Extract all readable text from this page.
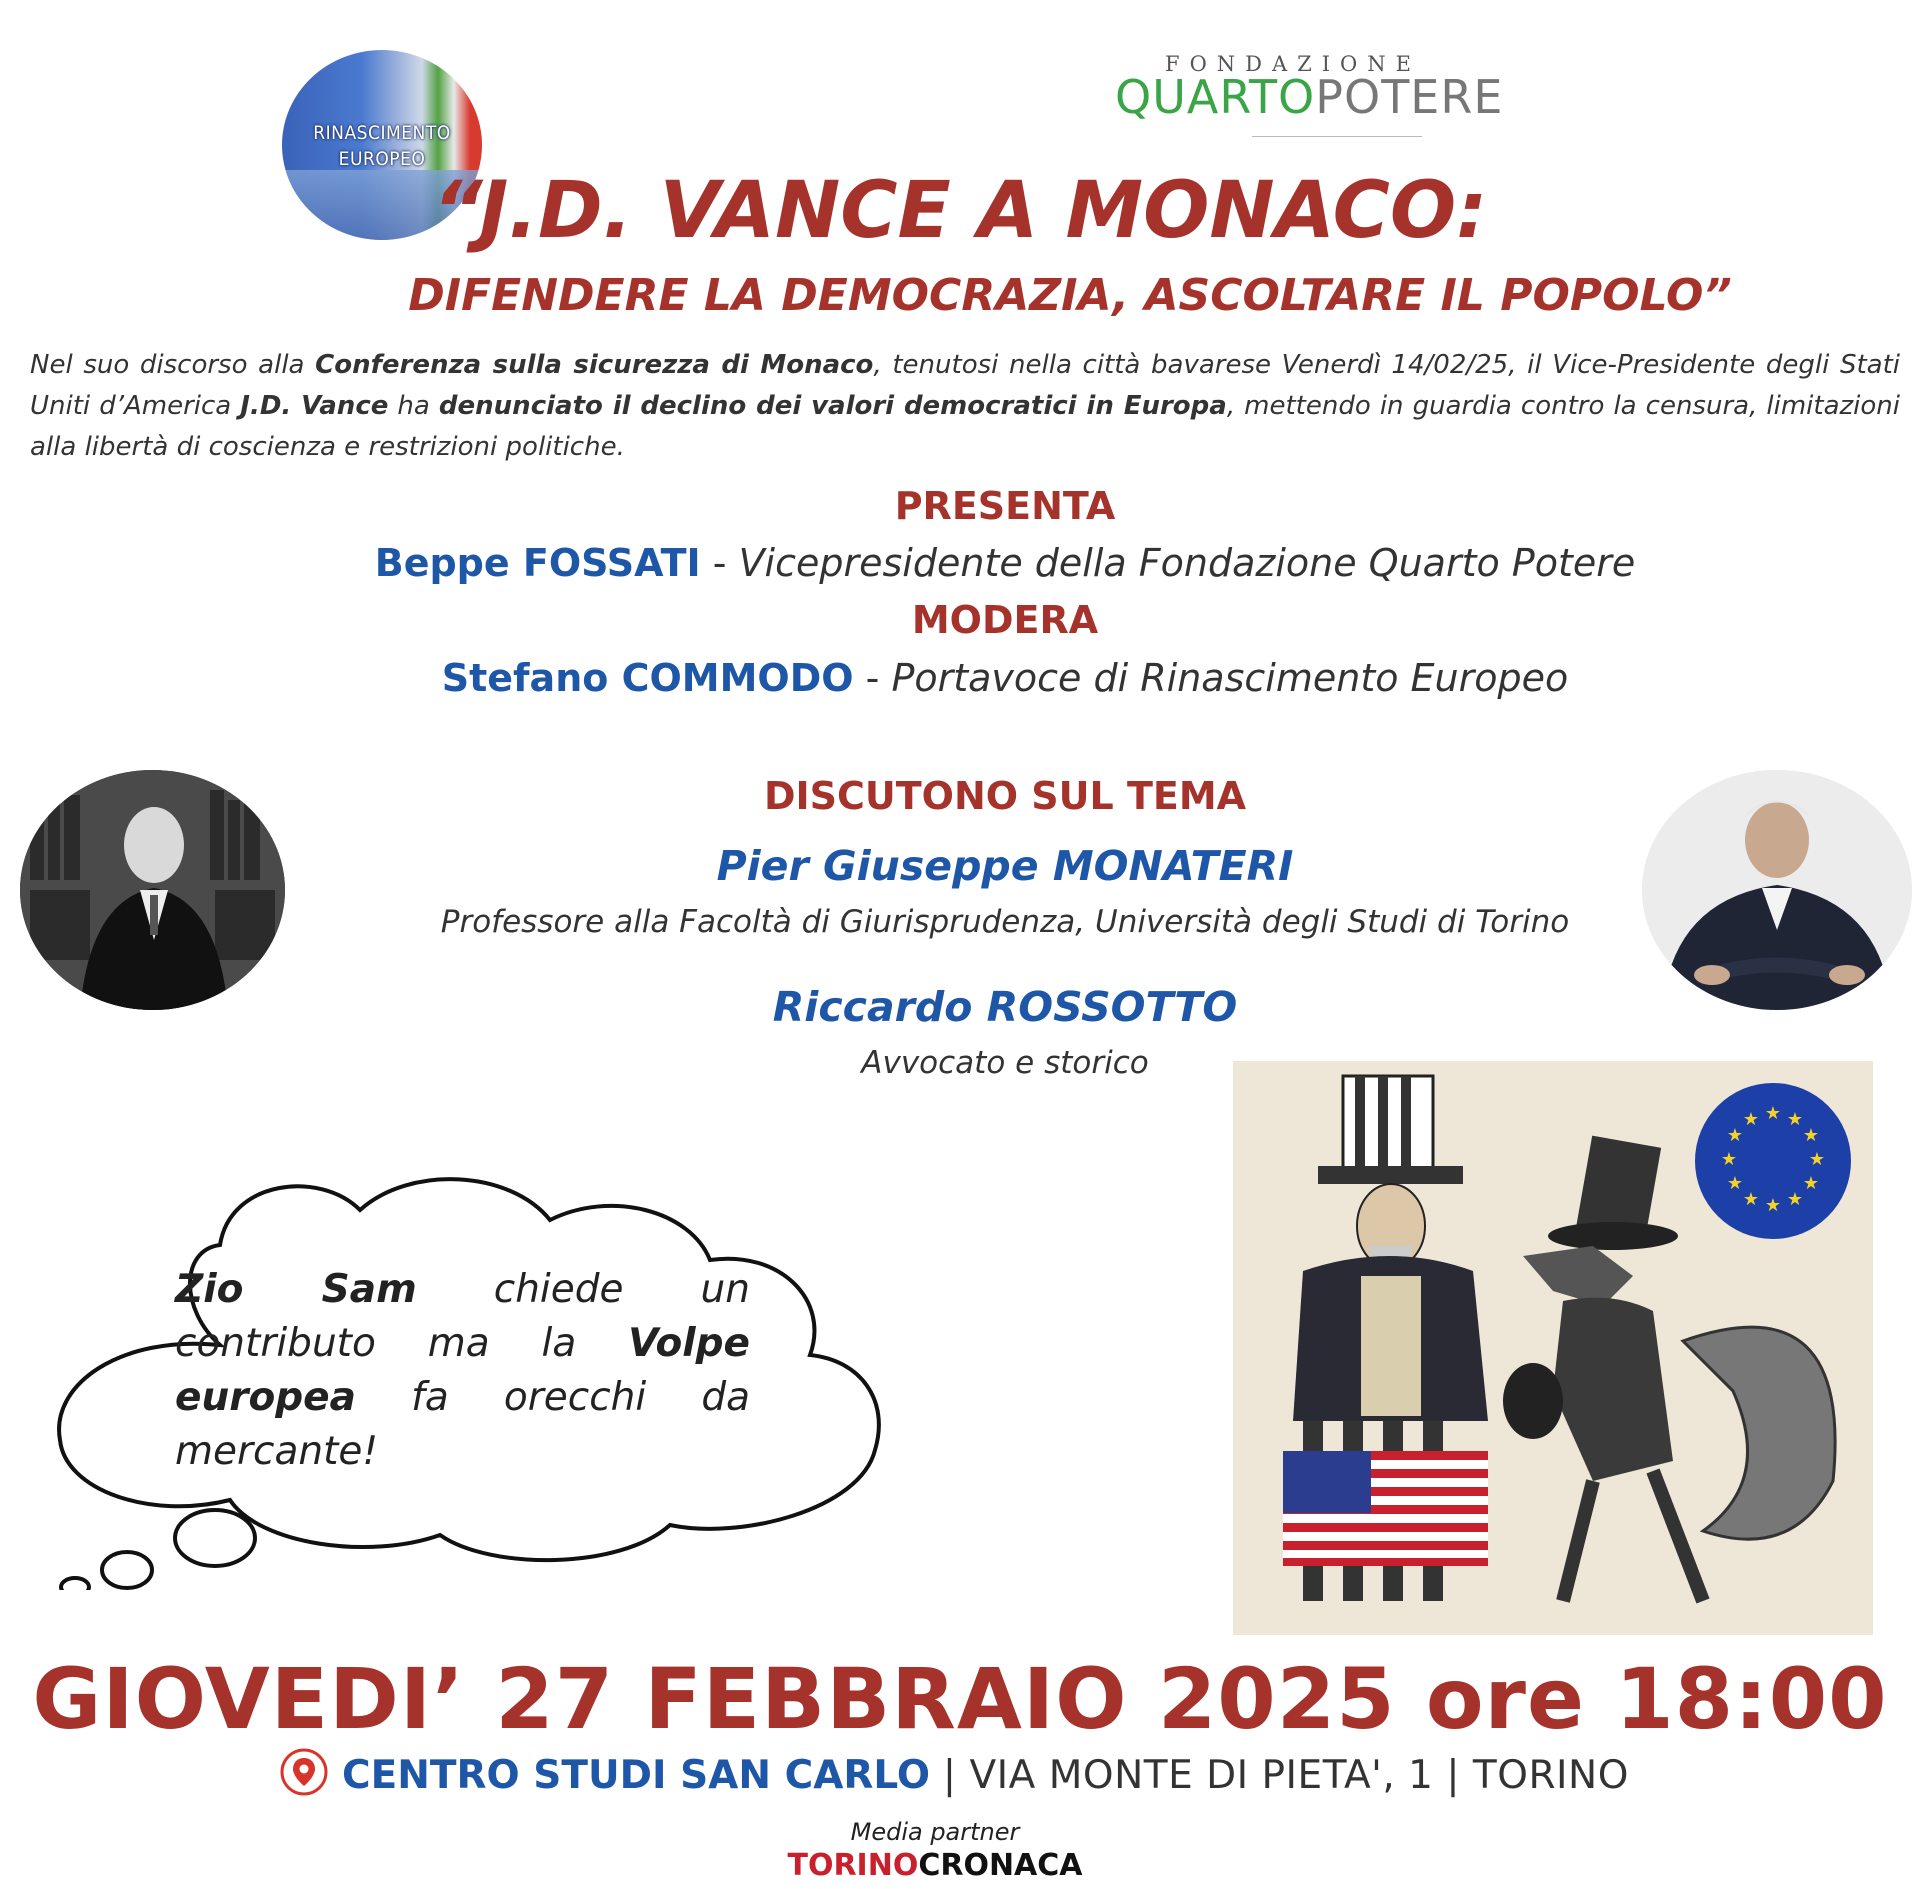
RINASCIMENTO
EUROPEO
FONDAZIONE
QUARTOPOTERE
“J.D. VANCE A MONACO:
DIFENDERE LA DEMOCRAZIA, ASCOLTARE IL POPOLO”
Nel suo discorso alla Conferenza sulla sicurezza di Monaco, tenutosi nella città bavarese Venerdì 14/02/25, il Vice-Presidente degli Stati Uniti d’America J.D. Vance ha denunciato il declino dei valori democratici in Europa, mettendo in guardia contro la censura, limitazioni alla libertà di coscienza e restrizioni politiche.
PRESENTA
Beppe FOSSATI - Vicepresidente della Fondazione Quarto Potere
MODERA
Stefano COMMODO - Portavoce di Rinascimento Europeo
DISCUTONO SUL TEMA
Pier Giuseppe MONATERI
Professore alla Facoltà di Giurisprudenza, Università degli Studi di Torino
Riccardo ROSSOTTO
Avvocato e storico
Zio Sam chiede un contributo ma la Volpe europea fa orecchi da mercante!
★ ★
★
★
★
★
★
★
★
★
★
★
GIOVEDI’ 27 FEBBRAIO 2025 ore 18:00
CENTRO STUDI SAN CARLO | VIA MONTE DI PIETA', 1 | TORINO
Media partner
TORINOCRONACA
